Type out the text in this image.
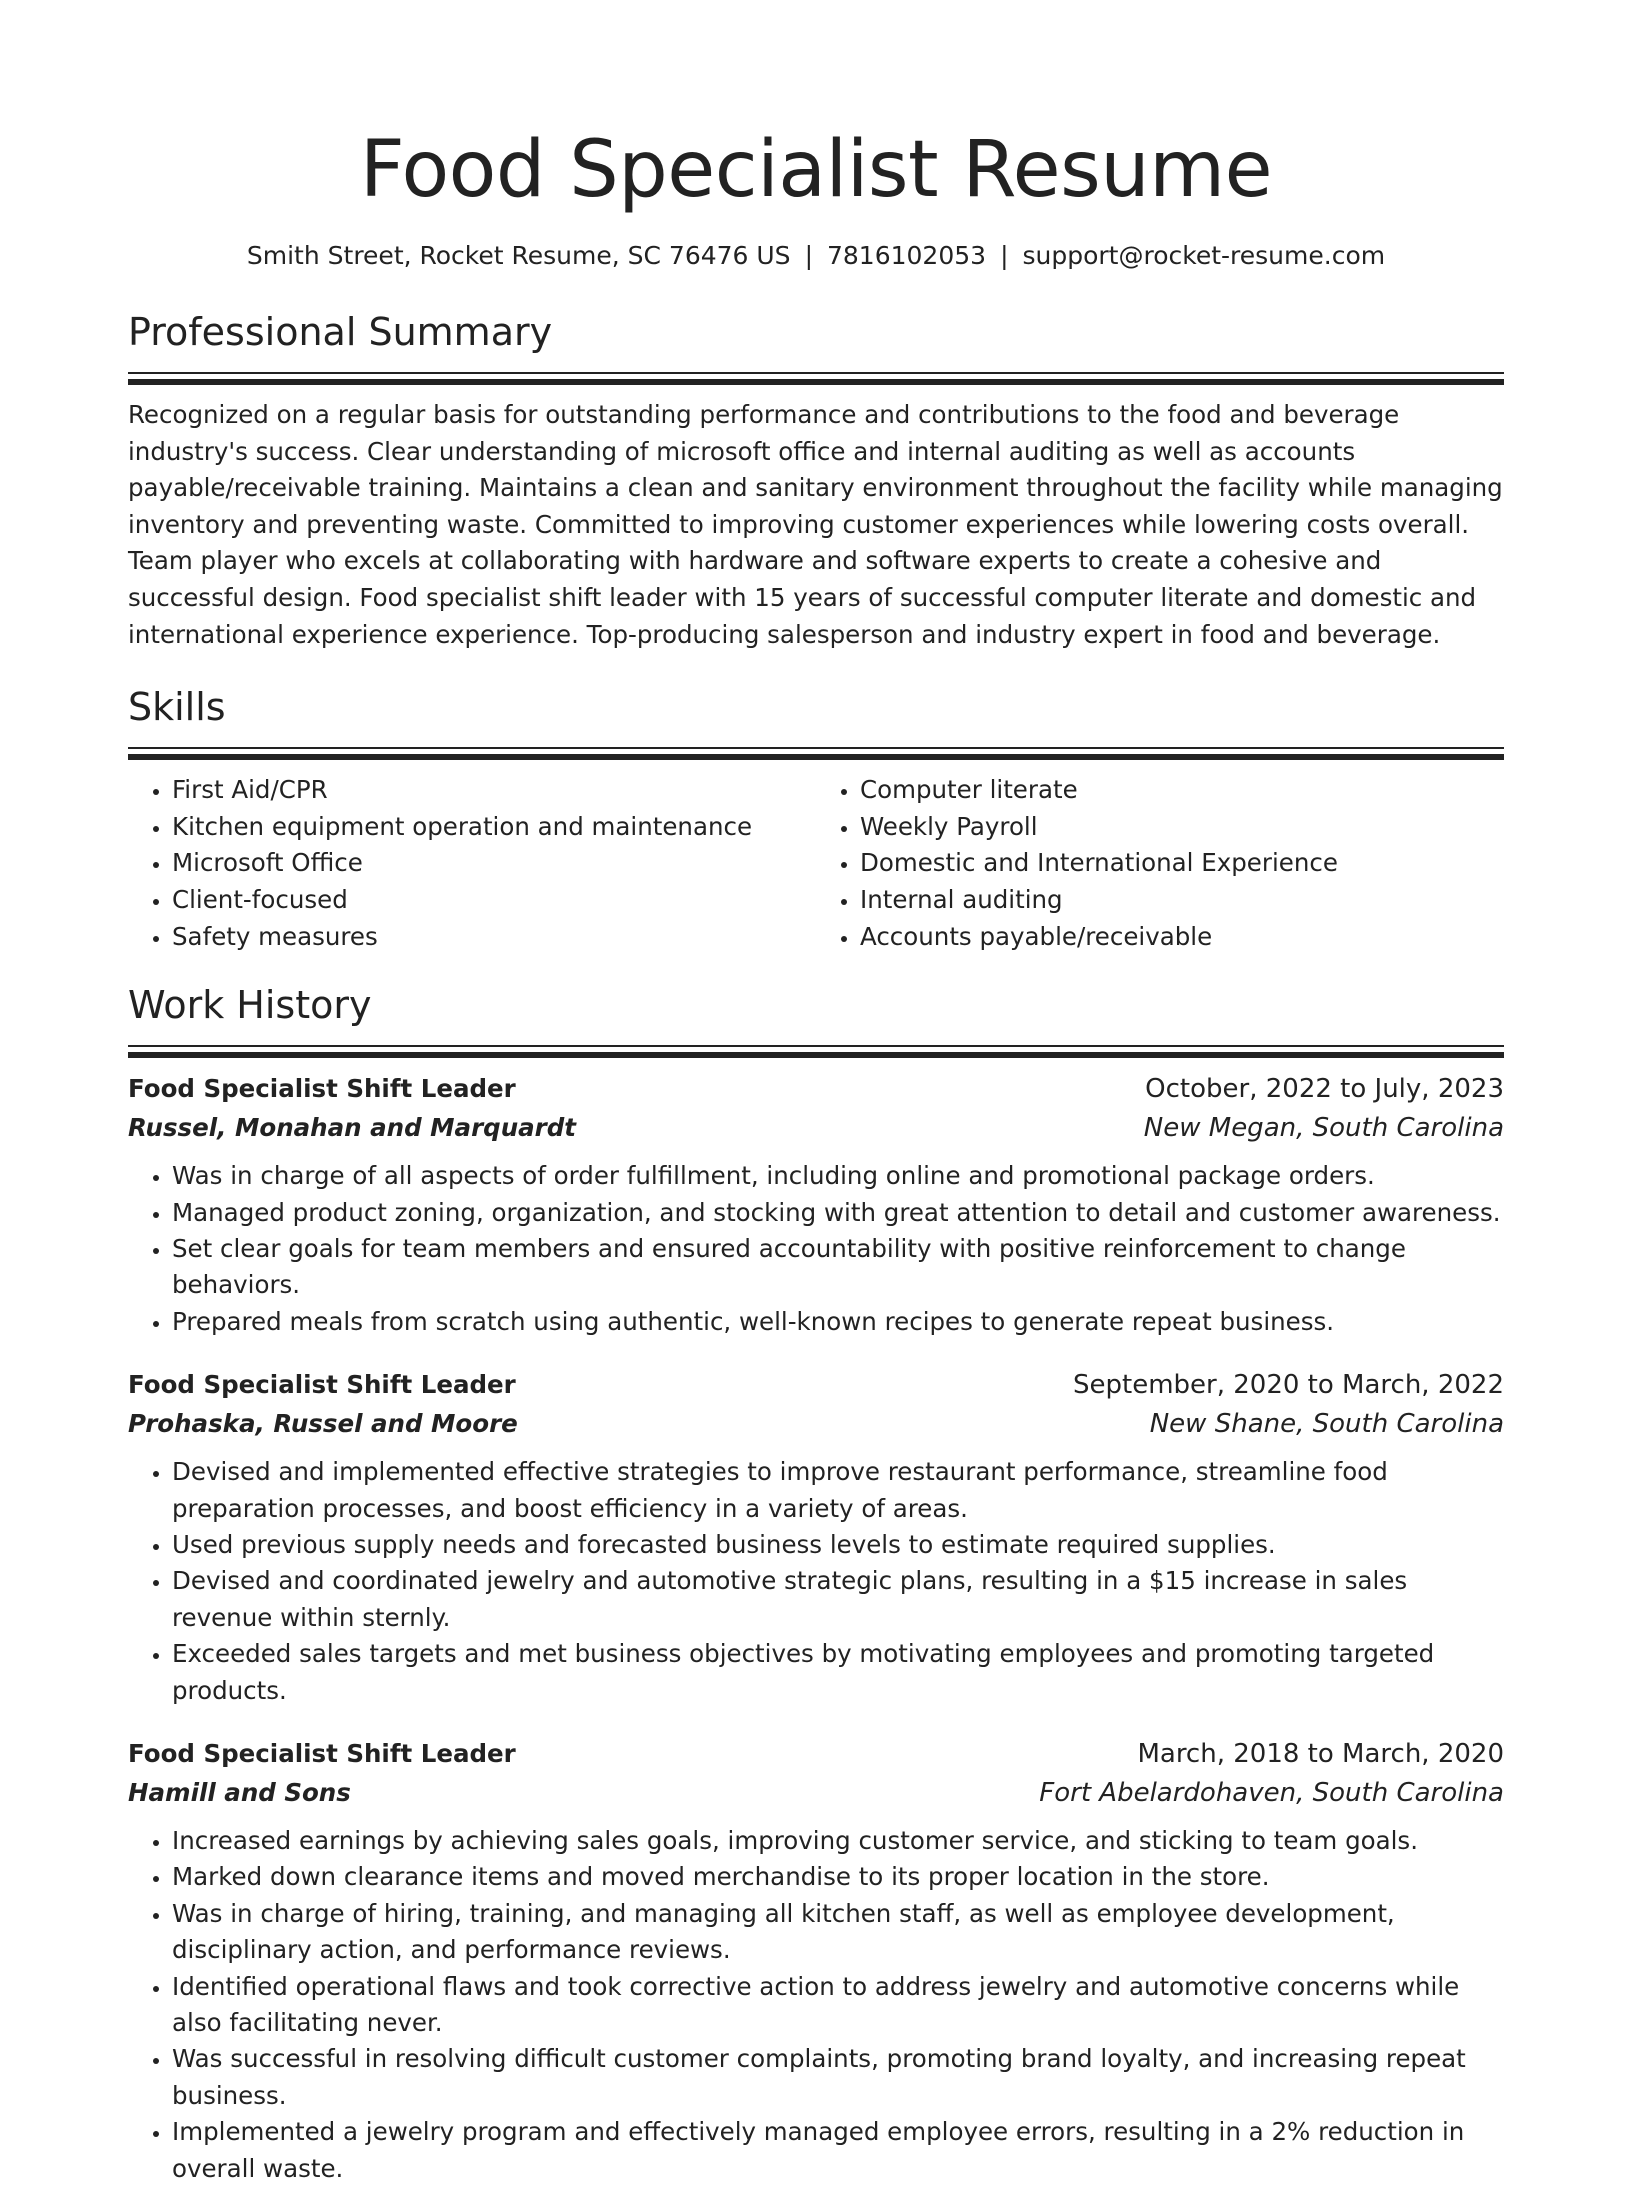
Food Specialist Resume
Smith Street, Rocket Resume, SC 76476 US | 7816102053 | support@rocket-resume.com
Professional Summary

Recognized on a regular basis for outstanding performance and contributions to the food and beverage industry's success. Clear understanding of microsoft office and internal auditing as well as accounts payable/receivable training. Maintains a clean and sanitary environment throughout the facility while managing inventory and preventing waste. Committed to improving customer experiences while lowering costs overall. Team player who excels at collaborating with hardware and software experts to create a cohesive and successful design. Food specialist shift leader with 15 years of successful computer literate and domestic and international experience experience. Top-producing salesperson and industry expert in food and beverage.

Skills
• First Aid/CPR
• Kitchen equipment operation and maintenance
• Microsoft Office
• Client-focused
• Safety measures
• Computer literate
• Weekly Payroll
• Domestic and International Experience
• Internal auditing
• Accounts payable/receivable
Work History
Food Specialist Shift Leader	October, 2022 to July, 2023
Russel, Monahan and Marquardt	New Megan, South Carolina
• Was in charge of all aspects of order fulfillment, including online and promotional package orders.
• Managed product zoning, organization, and stocking with great attention to detail and customer awareness.
• Set clear goals for team members and ensured accountability with positive reinforcement to change behaviors.
• Prepared meals from scratch using authentic, well-known recipes to generate repeat business.
Food Specialist Shift Leader	September, 2020 to March, 2022
Prohaska, Russel and Moore	New Shane, South Carolina
• Devised and implemented effective strategies to improve restaurant performance, streamline food preparation processes, and boost efficiency in a variety of areas.
• Used previous supply needs and forecasted business levels to estimate required supplies.
• Devised and coordinated jewelry and automotive strategic plans, resulting in a $15 increase in sales revenue within sternly.
• Exceeded sales targets and met business objectives by motivating employees and promoting targeted products.
Food Specialist Shift Leader	March, 2018 to March, 2020
Hamill and Sons	Fort Abelardohaven, South Carolina
• Increased earnings by achieving sales goals, improving customer service, and sticking to team goals.
• Marked down clearance items and moved merchandise to its proper location in the store.
• Was in charge of hiring, training, and managing all kitchen staff, as well as employee development, disciplinary action, and performance reviews.
• Identified operational flaws and took corrective action to address jewelry and automotive concerns while also facilitating never.
• Was successful in resolving difficult customer complaints, promoting brand loyalty, and increasing repeat business.
• Implemented a jewelry program and effectively managed employee errors, resulting in a 2% reduction in overall waste.
